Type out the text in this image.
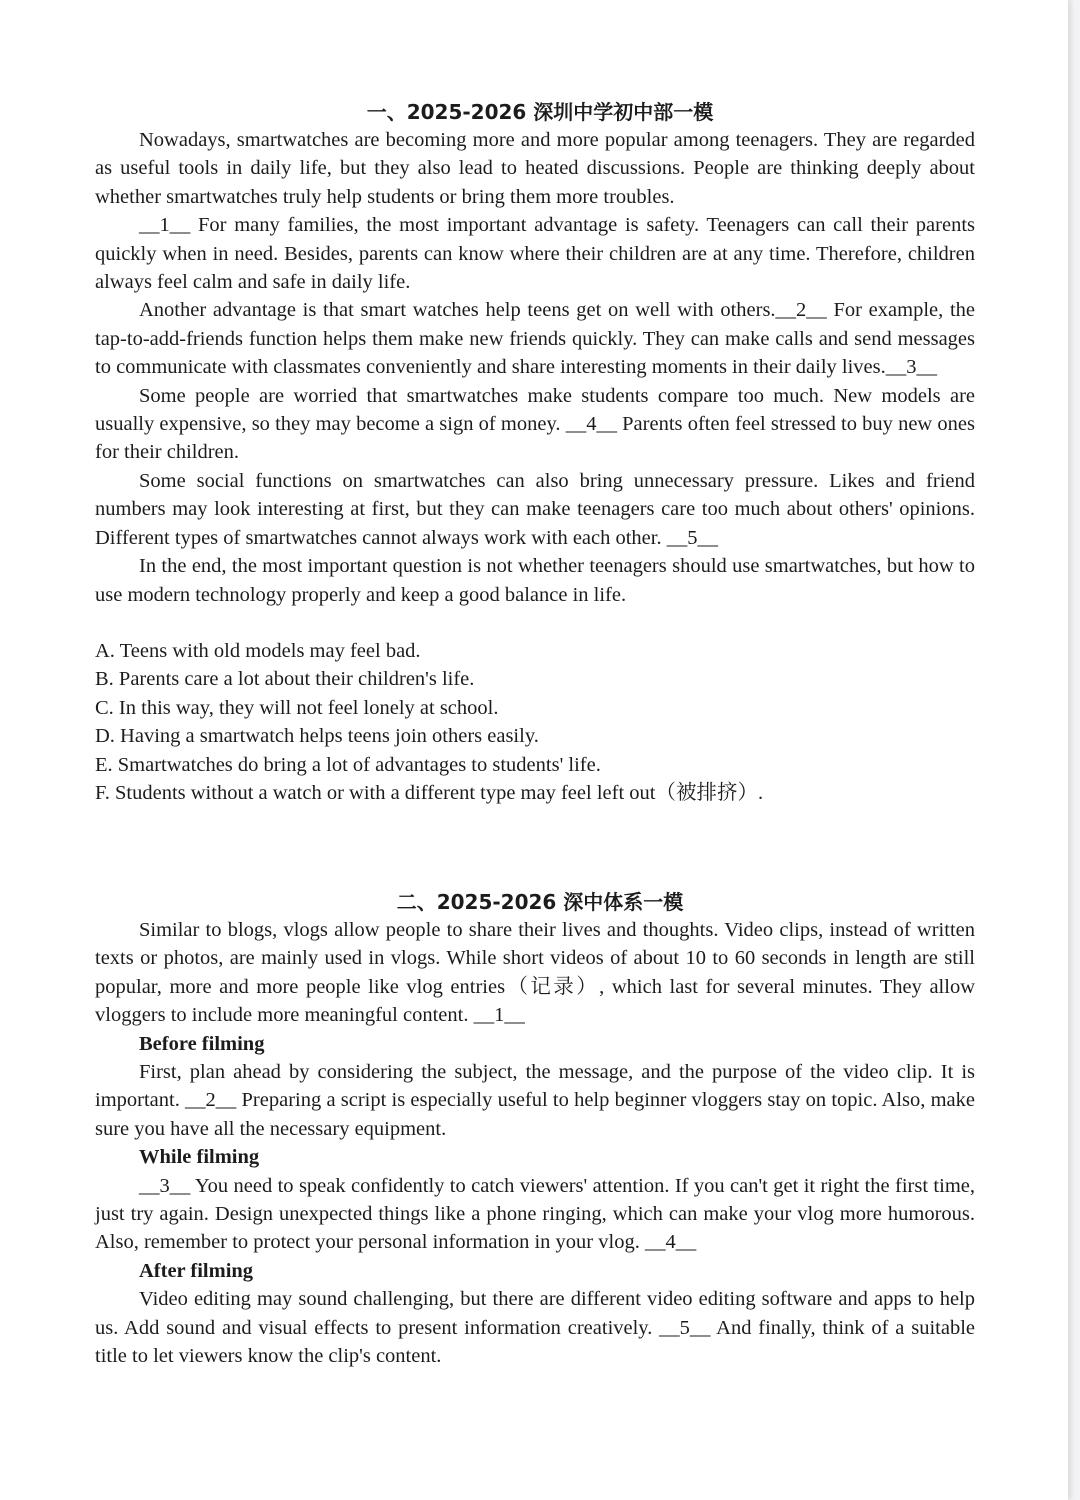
一、2025-2026 深圳中学初中部一模

Nowadays, smartwatches are becoming more and more popular among teenagers. They are regarded as useful tools in daily life, but they also lead to heated discussions. People are thinking deeply about whether smartwatches truly help students or bring them more troubles.

__1__ For many families, the most important advantage is safety. Teenagers can call their parents quickly when in need. Besides, parents can know where their children are at any time. Therefore, children always feel calm and safe in daily life.

Another advantage is that smart watches help teens get on well with others.__2__ For example, the tap-to-add-friends function helps them make new friends quickly. They can make calls and send messages to communicate with classmates conveniently and share interesting moments in their daily lives.__3__

Some people are worried that smartwatches make students compare too much. New models are usually expensive, so they may become a sign of money. __4__ Parents often feel stressed to buy new ones for their children.

Some social functions on smartwatches can also bring unnecessary pressure. Likes and friend numbers may look interesting at first, but they can make teenagers care too much about others' opinions. Different types of smartwatches cannot always work with each other. __5__

In the end, the most important question is not whether teenagers should use smartwatches, but how to use modern technology properly and keep a good balance in life.

A. Teens with old models may feel bad.
B. Parents care a lot about their children's life.
C. In this way, they will not feel lonely at school.
D. Having a smartwatch helps teens join others easily.
E. Smartwatches do bring a lot of advantages to students' life.
F. Students without a watch or with a different type may feel left out（被排挤）.
二、2025-2026 深中体系一模

Similar to blogs, vlogs allow people to share their lives and thoughts. Video clips, instead of written texts or photos, are mainly used in vlogs. While short videos of about 10 to 60 seconds in length are still popular, more and more people like vlog entries（记录）, which last for several minutes. They allow vloggers to include more meaningful content. __1__

Before filming

First, plan ahead by considering the subject, the message, and the purpose of the video clip. It is important. __2__ Preparing a script is especially useful to help beginner vloggers stay on topic. Also, make sure you have all the necessary equipment.

While filming

__3__ You need to speak confidently to catch viewers' attention. If you can't get it right the first time, just try again. Design unexpected things like a phone ringing, which can make your vlog more humorous. Also, remember to protect your personal information in your vlog. __4__

After filming

Video editing may sound challenging, but there are different video editing software and apps to help us. Add sound and visual effects to present information creatively. __5__ And finally, think of a suitable title to let viewers know the clip's content.
